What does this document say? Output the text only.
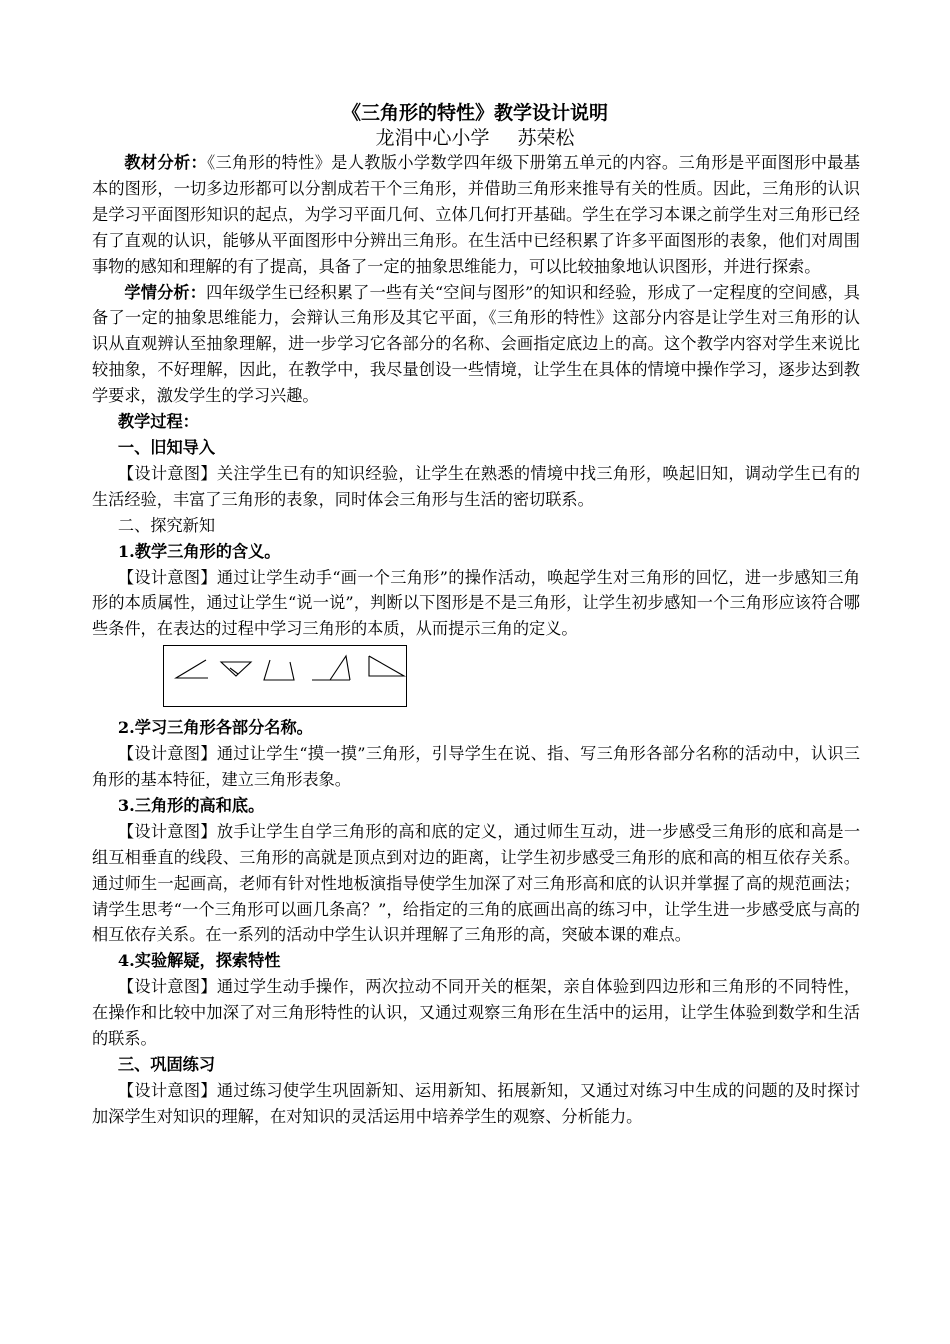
《三角形的特性》教学设计说明
龙涓中心小学 苏荣松

教材分析：《三角形的特性》是人教版小学数学四年级下册第五单元的内容。三角形是平面图形中最基本的图形，一切多边形都可以分割成若干个三角形，并借助三角形来推导有关的性质。因此，三角形的认识是学习平面图形知识的起点，为学习平面几何、立体几何打开基础。学生在学习本课之前学生对三角形已经有了直观的认识，能够从平面图形中分辨出三角形。在生活中已经积累了许多平面图形的表象，他们对周围事物的感知和理解的有了提高，具备了一定的抽象思维能力，可以比较抽象地认识图形，并进行探索。

学情分析：四年级学生已经积累了一些有关“空间与图形”的知识和经验，形成了一定程度的空间感，具备了一定的抽象思维能力，会辩认三角形及其它平面，《三角形的特性》这部分内容是让学生对三角形的认识从直观辨认至抽象理解，进一步学习它各部分的名称、会画指定底边上的高。这个教学内容对学生来说比较抽象，不好理解，因此，在教学中，我尽量创设一些情境，让学生在具体的情境中操作学习，逐步达到教学要求，激发学生的学习兴趣。

教学过程：

一、旧知导入

【设计意图】关注学生已有的知识经验，让学生在熟悉的情境中找三角形，唤起旧知，调动学生已有的生活经验，丰富了三角形的表象，同时体会三角形与生活的密切联系。

二、探究新知

1.教学三角形的含义。

【设计意图】通过让学生动手“画一个三角形”的操作活动，唤起学生对三角形的回忆，进一步感知三角形的本质属性，通过让学生“说一说”，判断以下图形是不是三角形，让学生初步感知一个三角形应该符合哪些条件，在表达的过程中学习三角形的本质，从而提示三角的定义。

2.学习三角形各部分名称。

【设计意图】通过让学生“摸一摸”三角形，引导学生在说、指、写三角形各部分名称的活动中，认识三角形的基本特征，建立三角形表象。

3.三角形的高和底。

【设计意图】放手让学生自学三角形的高和底的定义，通过师生互动，进一步感受三角形的底和高是一组互相垂直的线段、三角形的高就是顶点到对边的距离，让学生初步感受三角形的底和高的相互依存关系。通过师生一起画高，老师有针对性地板演指导使学生加深了对三角形高和底的认识并掌握了高的规范画法；请学生思考“一个三角形可以画几条高？”，给指定的三角的底画出高的练习中，让学生进一步感受底与高的相互依存关系。在一系列的活动中学生认识并理解了三角形的高，突破本课的难点。

4.实验解疑，探索特性

【设计意图】通过学生动手操作，两次拉动不同开关的框架，亲自体验到四边形和三角形的不同特性，在操作和比较中加深了对三角形特性的认识，又通过观察三角形在生活中的运用，让学生体验到数学和生活的联系。

三、巩固练习

【设计意图】通过练习使学生巩固新知、运用新知、拓展新知，又通过对练习中生成的问题的及时探讨加深学生对知识的理解，在对知识的灵活运用中培养学生的观察、分析能力。
